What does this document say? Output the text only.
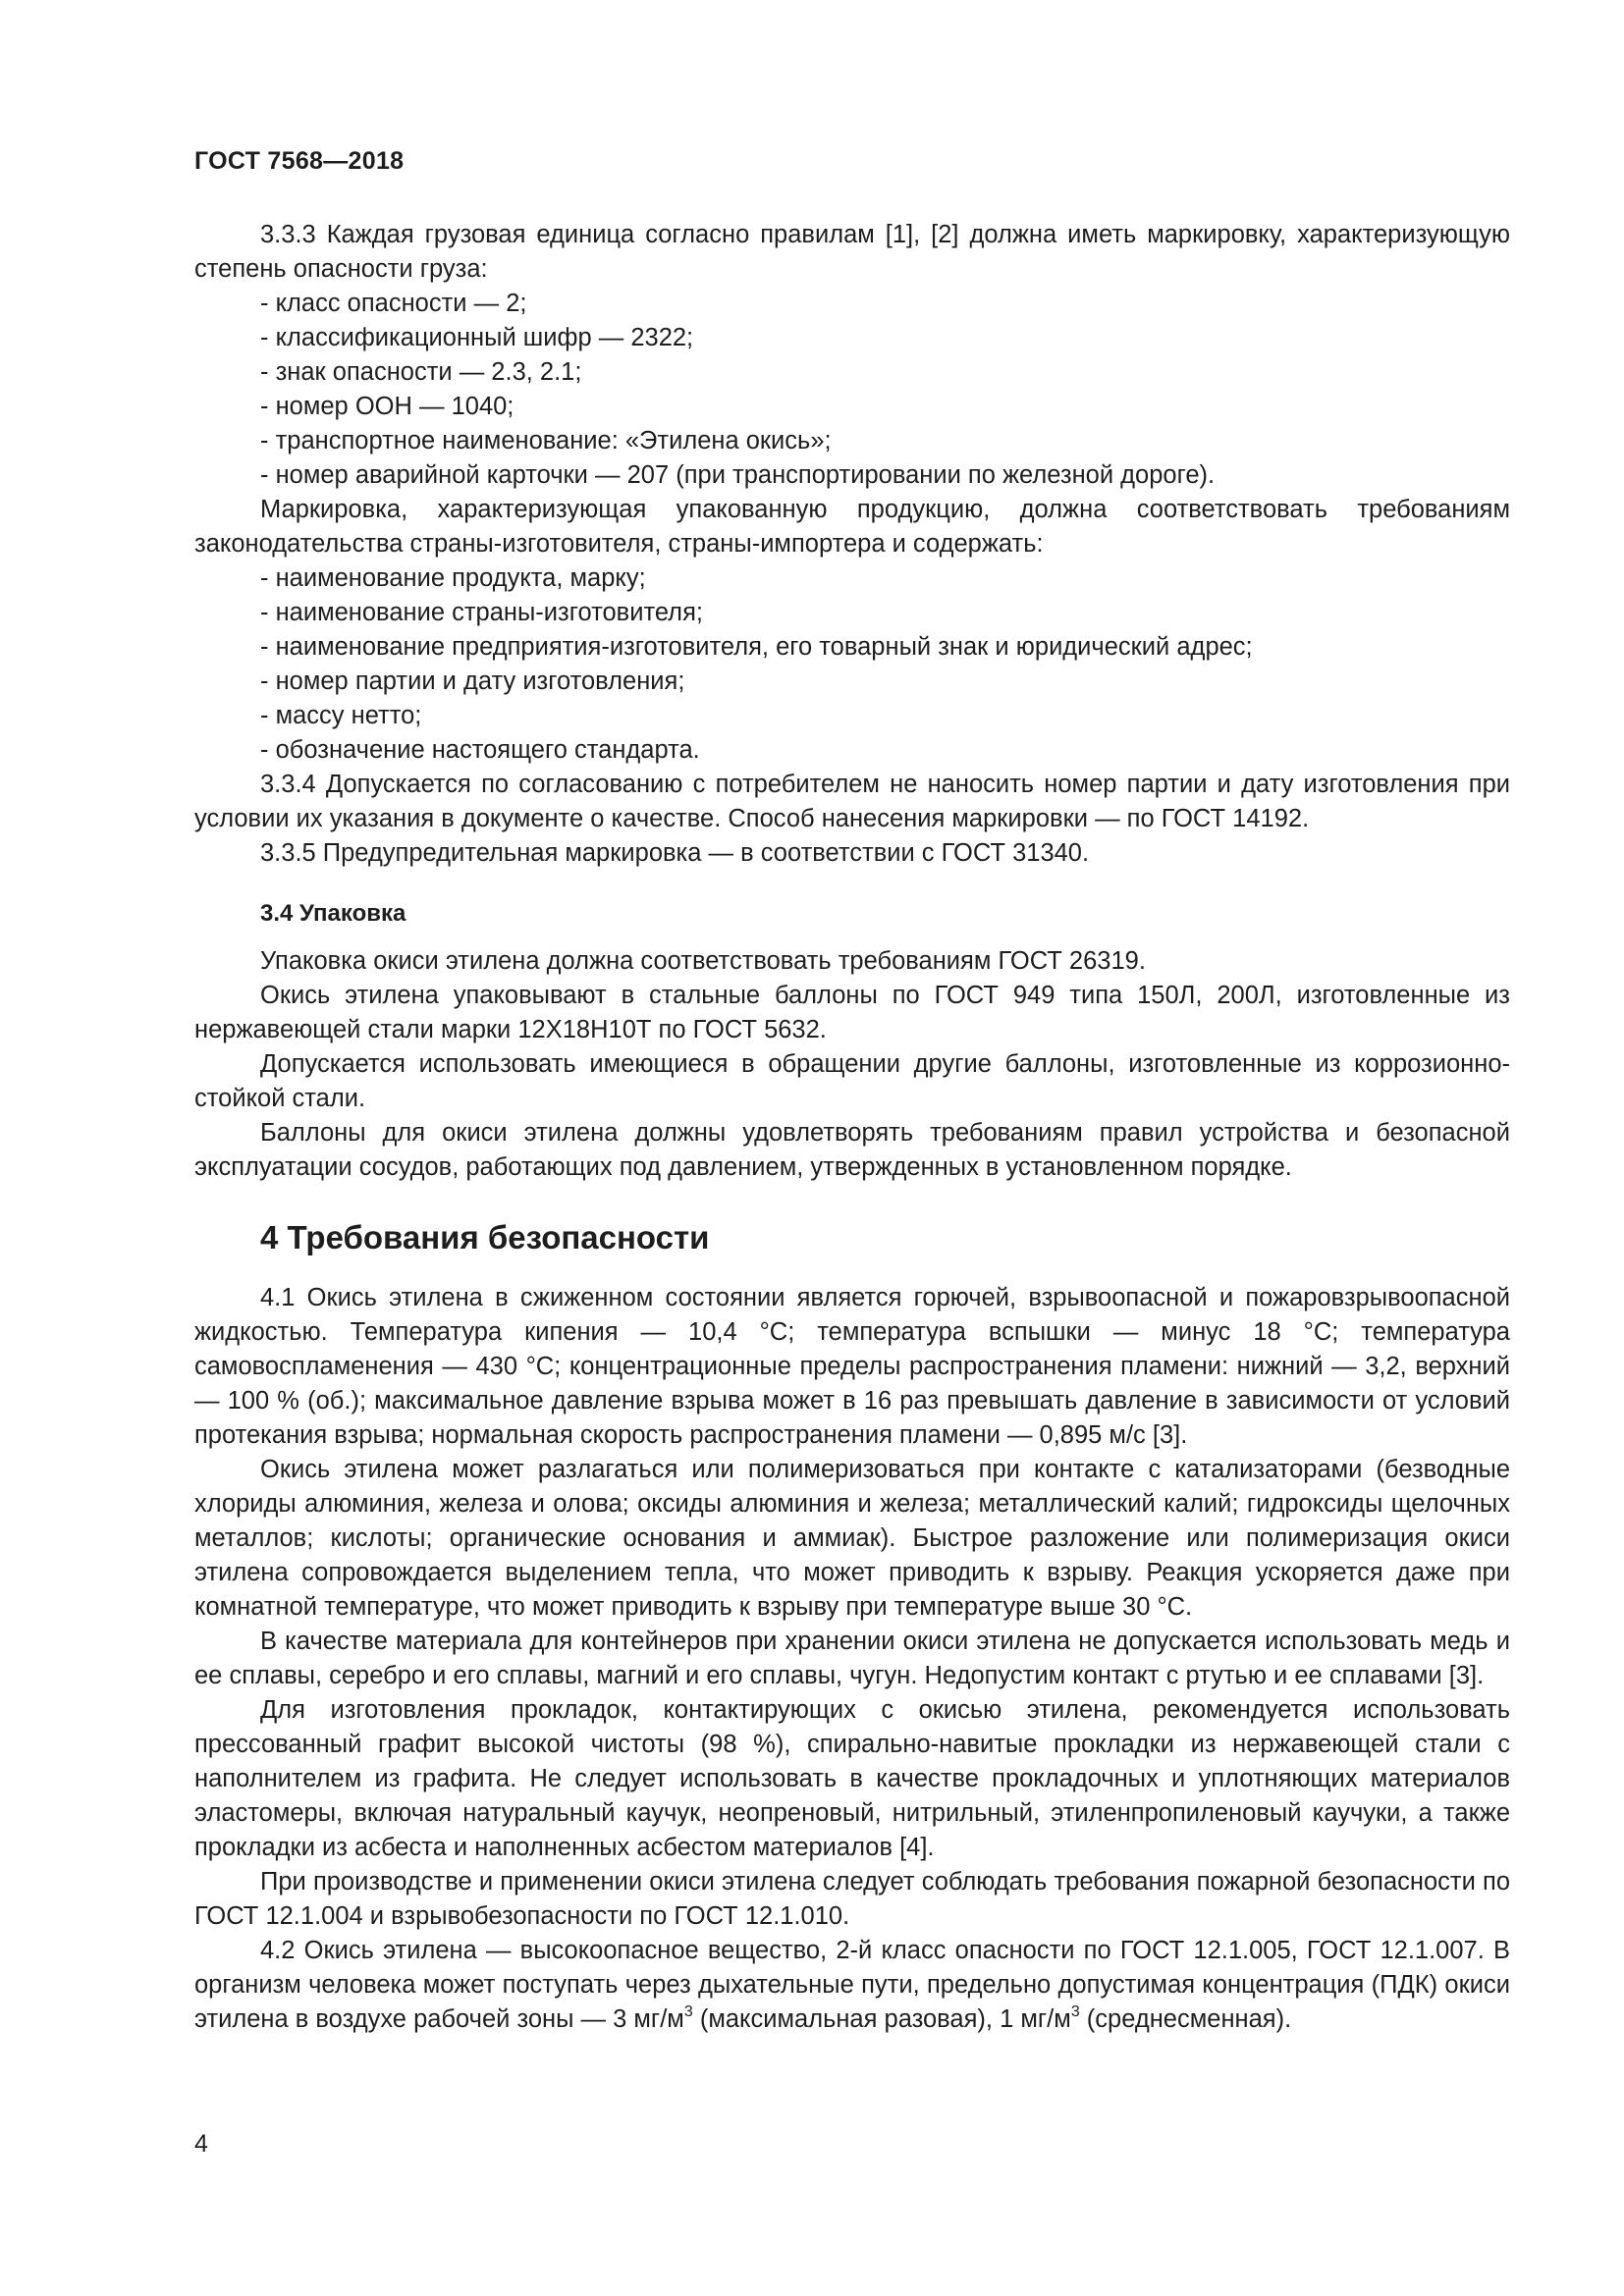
ГОСТ 7568—2018

3.3.3 Каждая грузовая единица согласно правилам [1], [2] должна иметь маркировку, характеризующую степень опасности груза:

- класс опасности — 2;

- классификационный шифр — 2322;

- знак опасности — 2.3, 2.1;

- номер ООН — 1040;

- транспортное наименование: «Этилена окись»;

- номер аварийной карточки — 207 (при транспортировании по железной дороге).

Маркировка, характеризующая упакованную продукцию, должна соответствовать требованиям законодательства страны-изготовителя, страны-импортера и содержать:

- наименование продукта, марку;

- наименование страны-изготовителя;

- наименование предприятия-изготовителя, его товарный знак и юридический адрес;

- номер партии и дату изготовления;

- массу нетто;

- обозначение настоящего стандарта.

3.3.4 Допускается по согласованию с потребителем не наносить номер партии и дату изготовления при условии их указания в документе о качестве. Способ нанесения маркировки — по ГОСТ 14192.

3.3.5 Предупредительная маркировка — в соответствии с ГОСТ 31340.

3.4 Упаковка

Упаковка окиси этилена должна соответствовать требованиям ГОСТ 26319.

Окись этилена упаковывают в стальные баллоны по ГОСТ 949 типа 150Л, 200Л, изготовленные из нержавеющей стали марки 12Х18Н10Т по ГОСТ 5632.

Допускается использовать имеющиеся в обращении другие баллоны, изготовленные из коррозионно-стойкой стали.

Баллоны для окиси этилена должны удовлетворять требованиям правил устройства и безопасной эксплуатации сосудов, работающих под давлением, утвержденных в установленном порядке.

4 Требования безопасности

4.1 Окись этилена в сжиженном состоянии является горючей, взрывоопасной и пожаровзрывоопасной жидкостью. Температура кипения — 10,4 °С; температура вспышки — минус 18 °С; температура самовоспламенения — 430 °С; концентрационные пределы распространения пламени: нижний — 3,2, верхний — 100 % (об.); максимальное давление взрыва может в 16 раз превышать давление в зависимости от условий протекания взрыва; нормальная скорость распространения пламени — 0,895 м/с [3].

Окись этилена может разлагаться или полимеризоваться при контакте с катализаторами (безводные хлориды алюминия, железа и олова; оксиды алюминия и железа; металлический калий; гидроксиды щелочных металлов; кислоты; органические основания и аммиак). Быстрое разложение или полимеризация окиси этилена сопровождается выделением тепла, что может приводить к взрыву. Реакция ускоряется даже при комнатной температуре, что может приводить к взрыву при температуре выше 30 °С.

В качестве материала для контейнеров при хранении окиси этилена не допускается использовать медь и ее сплавы, серебро и его сплавы, магний и его сплавы, чугун. Недопустим контакт с ртутью и ее сплавами [3].

Для изготовления прокладок, контактирующих с окисью этилена, рекомендуется использовать прессованный графит высокой чистоты (98 %), спирально-навитые прокладки из нержавеющей стали с наполнителем из графита. Не следует использовать в качестве прокладочных и уплотняющих материалов эластомеры, включая натуральный каучук, неопреновый, нитрильный, этиленпропиленовый каучуки, а также прокладки из асбеста и наполненных асбестом материалов [4].

При производстве и применении окиси этилена следует соблюдать требования пожарной безопасности по ГОСТ 12.1.004 и взрывобезопасности по ГОСТ 12.1.010.

4.2 Окись этилена — высокоопасное вещество, 2-й класс опасности по ГОСТ 12.1.005, ГОСТ 12.1.007. В организм человека может поступать через дыхательные пути, предельно допустимая концентрация (ПДК) окиси этилена в воздухе рабочей зоны — 3 $мг/м^3$ (максимальная разовая), 1 $мг/м^3$ (среднесменная).

4
